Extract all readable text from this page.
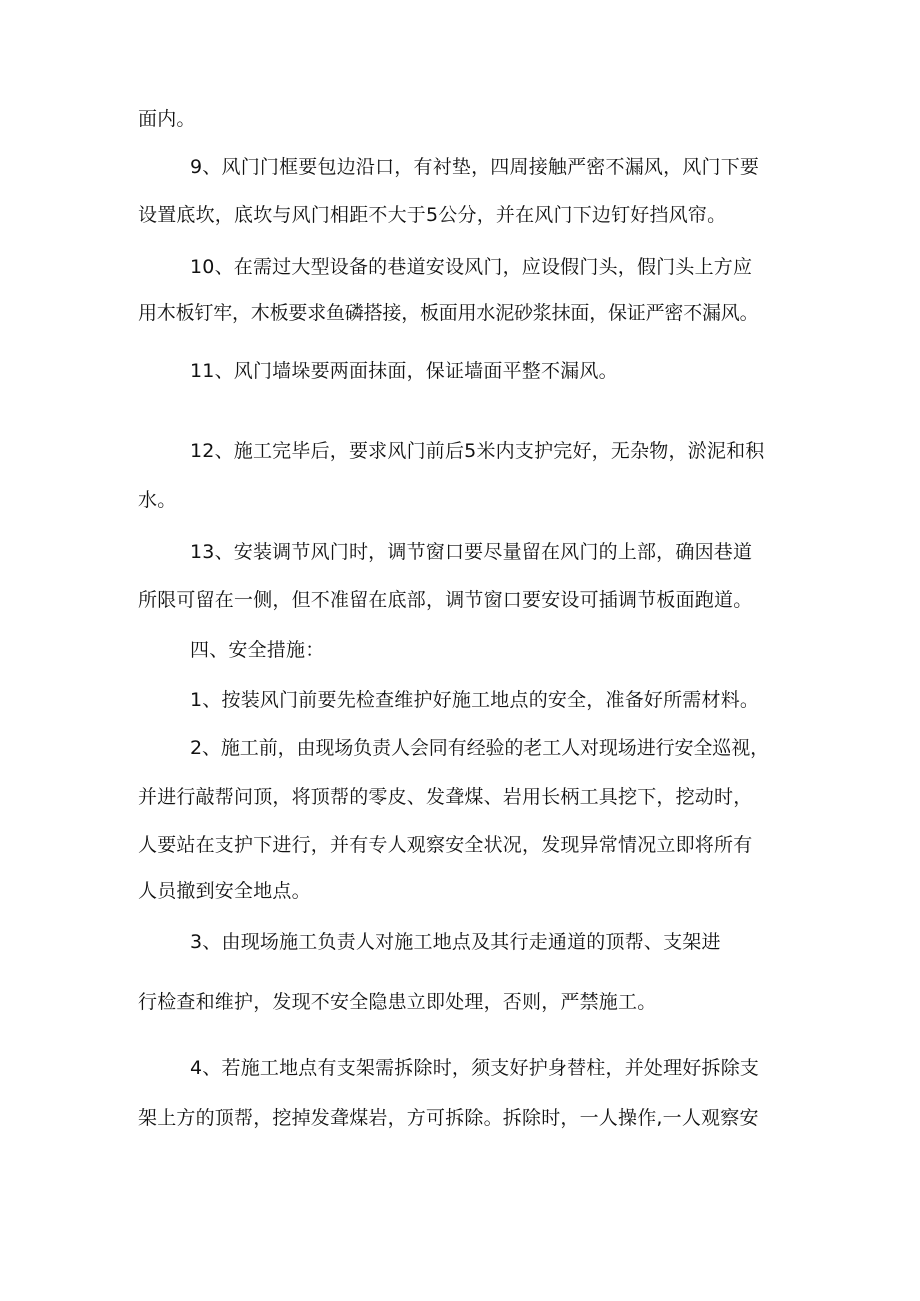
面内。

9、风门门框要包边沿口，有衬垫，四周接触严密不漏风，风门下要

设置底坎，底坎与风门相距不大于5公分，并在风门下边钉好挡风帘。

10、在需过大型设备的巷道安设风门，应设假门头，假门头上方应

用木板钉牢，木板要求鱼磷搭接，板面用水泥砂浆抹面，保证严密不漏风。

11、风门墙垛要两面抹面，保证墙面平整不漏风。

12、施工完毕后，要求风门前后5米内支护完好，无杂物，淤泥和积

水。

13、安装调节风门时，调节窗口要尽量留在风门的上部，确因巷道

所限可留在一侧，但不准留在底部，调节窗口要安设可插调节板面跑道。

四、安全措施：

1、按装风门前要先检查维护好施工地点的安全，准备好所需材料。

2、施工前，由现场负责人会同有经验的老工人对现场进行安全巡视，

并进行敲帮问顶，将顶帮的零皮、发聋煤、岩用长柄工具挖下，挖动时，

人要站在支护下进行，并有专人观察安全状况，发现异常情况立即将所有

人员撤到安全地点。

3、由现场施工负责人对施工地点及其行走通道的顶帮、支架进

行检查和维护，发现不安全隐患立即处理，否则，严禁施工。

4、若施工地点有支架需拆除时，须支好护身替柱，并处理好拆除支

架上方的顶帮，挖掉发聋煤岩，方可拆除。拆除时，一人操作,一人观察安
